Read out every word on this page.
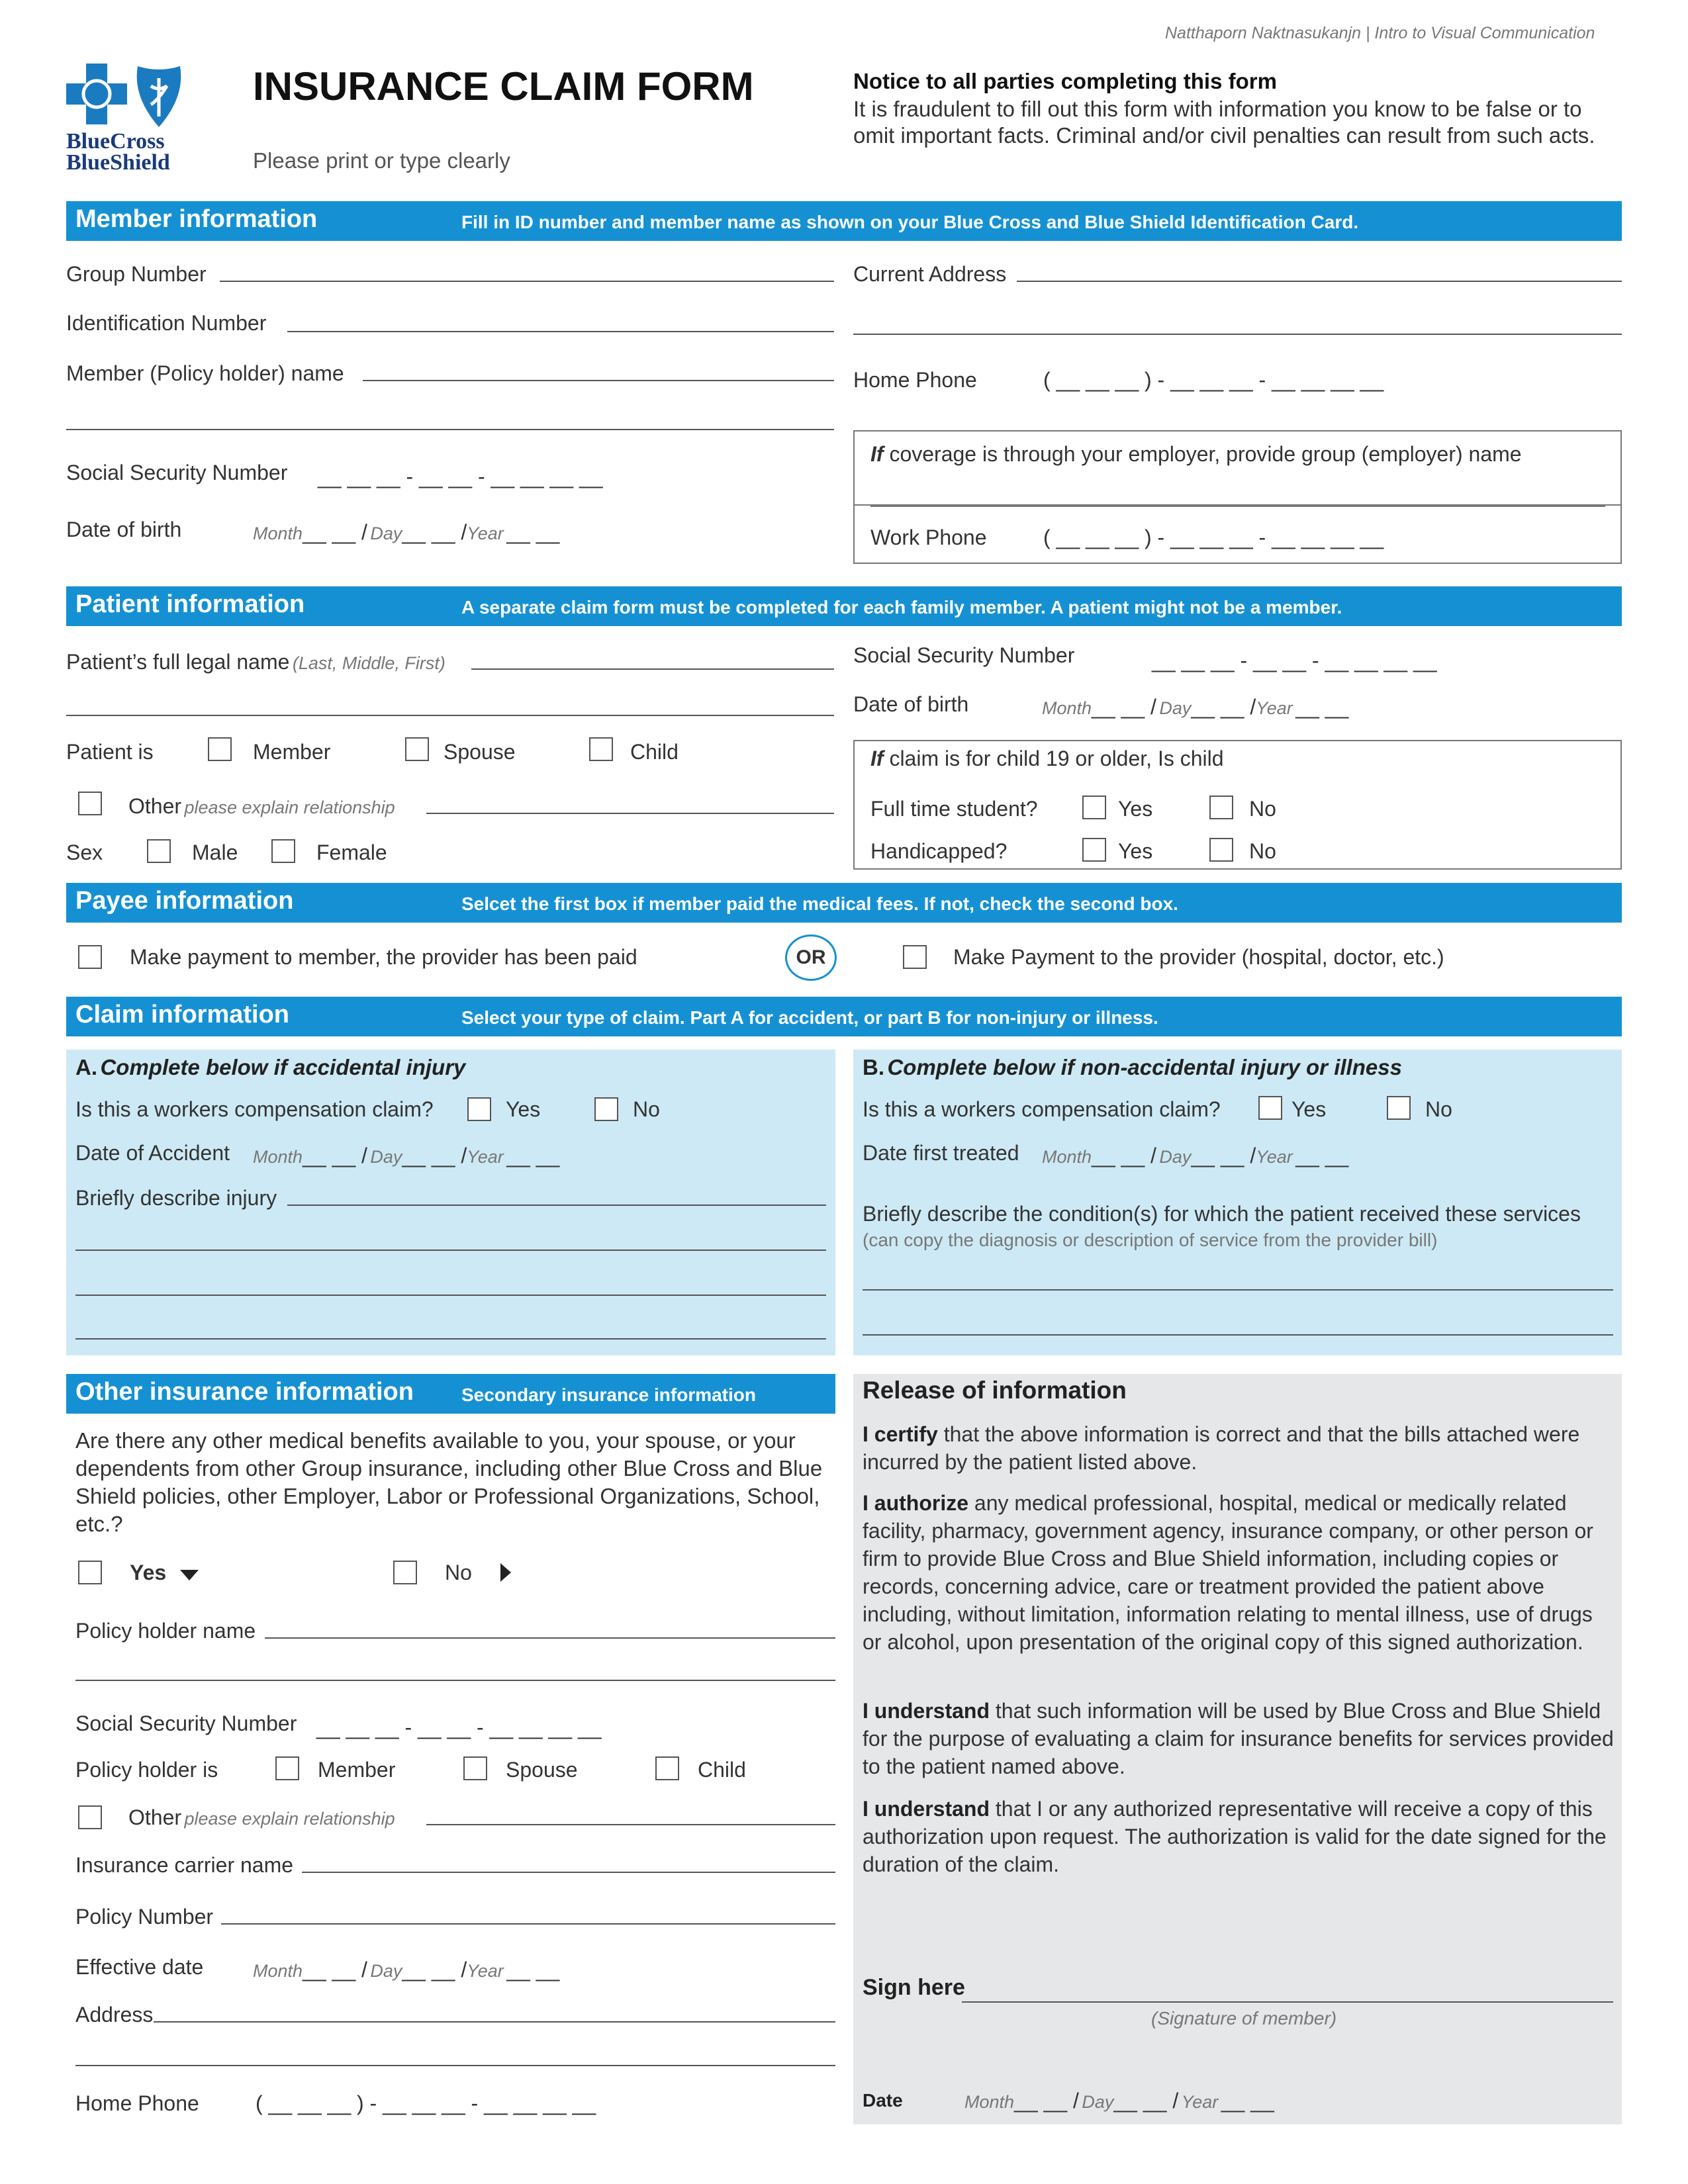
Natthaporn Naktnasukanjn | Intro to Visual Communication
BlueCross
BlueShield
INSURANCE CLAIM FORM
Please print or type clearly
Notice to all parties completing this form
It is fraudulent to fill out this form with information you know to be false or to
omit important facts. Criminal and/or civil penalties can result from such acts.
Member information	Fill in ID number and member name as shown on your Blue Cross and Blue Shield Identification Card.
Group Number
Identification Number
Member (Policy holder) name
Social Security Number __ __ __ - __ __ - __ __ __ __
Date of birth	Month__ __ / Day__ __ /Year __ __
Current Address
Home Phone	( __ __ __ ) - __ __ __ - __ __ __ __
If coverage is through your employer, provide group (employer) name
Work Phone	( __ __ __ ) - __ __ __ - __ __ __ __
Patient information	A separate claim form must be completed for each family member. A patient might not be a member.
Patient’s full legal name (Last, Middle, First)
Patient is	Member	Spouse	Child
Other please explain relationship
Sex	Male	Female
Social Security Number	__ __ __ - __ __ - __ __ __ __
Date of birth	Month__ __ / Day__ __ /Year __ __
If claim is for child 19 or older, Is child
Full time student?	Yes	No
Handicapped?	Yes	No
Payee information	Selcet the first box if member paid the medical fees. If not, check the second box.
Make payment to member, the provider has been paid	OR	Make Payment to the provider (hospital, doctor, etc.)
Claim information	Select your type of claim. Part A for accident, or part B for non-injury or illness.
A. Complete below if accidental injury
Is this a workers compensation claim?	Yes	No
Date of Accident Month__ __ / Day__ __ /Year __ __
Briefly describe injury
B. Complete below if non-accidental injury or illness
Is this a workers compensation claim?	Yes	No
Date first treated Month__ __ / Day__ __ /Year __ __
Briefly describe the condition(s) for which the patient received these services
(can copy the diagnosis or description of service from the provider bill)
Other insurance information	Secondary insurance information
Are there any other medical benefits available to you, your spouse, or your dependents from other Group insurance, including other Blue Cross and Blue Shield policies, other Employer, Labor or Professional Organizations, School, etc.?
Yes	No
Policy holder name
Social Security Number __ __ __ - __ __ - __ __ __ __
Policy holder is	Member	Spouse	Child
Other please explain relationship
Insurance carrier name
Policy Number
Effective date	Month__ __ / Day__ __ /Year __ __
Address
Home Phone	( __ __ __ ) - __ __ __ - __ __ __ __
Release of information
I certify that the above information is correct and that the bills attached were incurred by the patient listed above.
I authorize any medical professional, hospital, medical or medically related facility, pharmacy, government agency, insurance company, or other person or firm to provide Blue Cross and Blue Shield information, including copies or records, concerning advice, care or treatment provided the patient above including, without limitation, information relating to mental illness, use of drugs or alcohol, upon presentation of the original copy of this signed authorization.
I understand that such information will be used by Blue Cross and Blue Shield for the purpose of evaluating a claim for insurance benefits for services provided to the patient named above.
I understand that I or any authorized representative will receive a copy of this authorization upon request. The authorization is valid for the date signed for the duration of the claim.
Sign here
(Signature of member)
Date	Month__ __ / Day__ __ / Year __ __
